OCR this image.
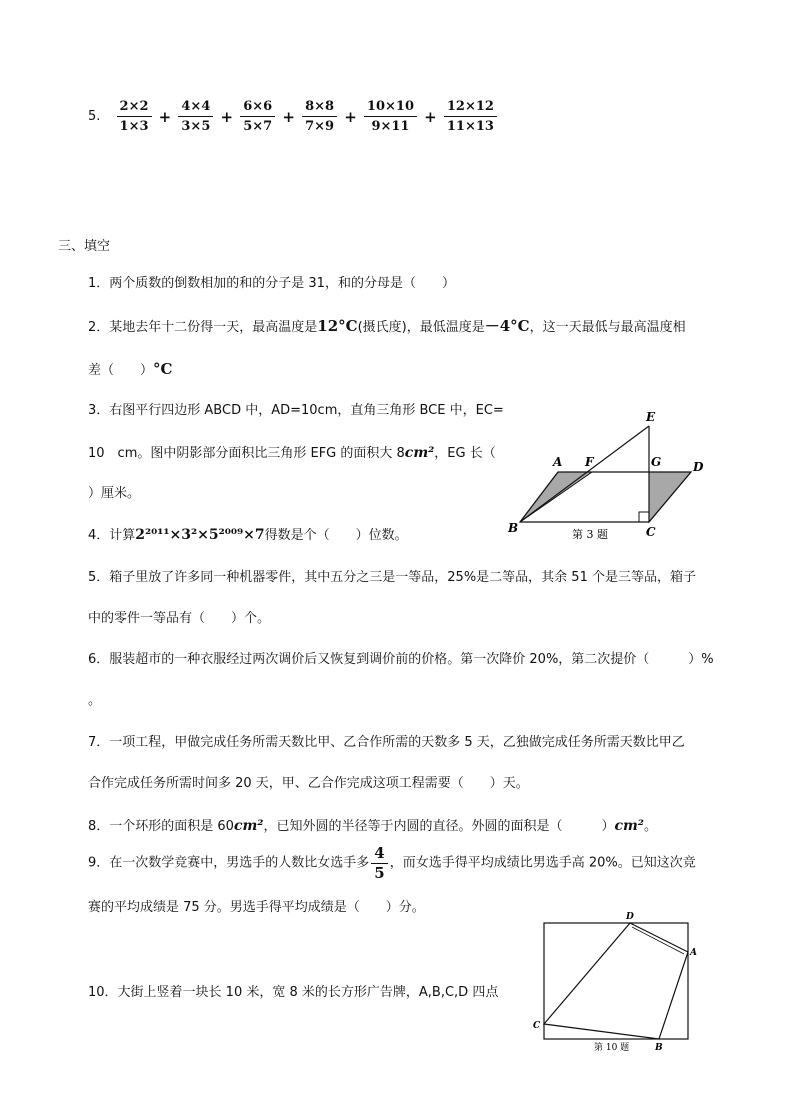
5. $\frac{2\times 2}{1\times 3} + \frac{4\times 4}{3\times 5} + \frac{6\times 6}{5\times 7} + \frac{8\times 8}{7\times 9} + \frac{10\times 10}{9\times 11} + \frac{12\times 12}{11\times 13}$
三、填空
1．两个质数的倒数相加的和的分子是 31，和的分母是（　　）
2．某地去年十二份得一天，最高温度是12°C(摄氏度)，最低温度是－4°C，这一天最低与最高温度相
差（　　）°C
3．右图平行四边形 ABCD 中，AD=10cm，直角三角形 BCE 中，EC=
10　cm。图中阴影部分面积比三角形 EFG 的面积大 8cm²，EG 长（
）厘米。
E
A F	G	D
B	C
第 3 题
4．计算2²⁰¹¹×3²×5²⁰⁰⁹×7得数是个（　　）位数。
5．箱子里放了许多同一种机器零件，其中五分之三是一等品，25%是二等品，其余 51 个是三等品，箱子
中的零件一等品有（　　）个。
6．服装超市的一种衣服经过两次调价后又恢复到调价前的价格。第一次降价 20%，第二次提价（　　　）%
。
7．一项工程，甲做完成任务所需天数比甲、乙合作所需的天数多 5 天，乙独做完成任务所需天数比甲乙
合作完成任务所需时间多 20 天，甲、乙合作完成这项工程需要（　　）天。
8．一个环形的面积是 60cm²，已知外圆的半径等于内圆的直径。外圆的面积是（　　　）cm²。
9．在一次数学竞赛中，男选手的人数比女选手多 $\frac{4}{5}$ ，而女选手得平均成绩比男选手高 20%。已知这次竞
赛的平均成绩是 75 分。男选手得平均成绩是（　　）分。
10．大街上竖着一块长 10 米，宽 8 米的长方形广告牌，A,B,C,D 四点
D
A
C
B
第 10 题
